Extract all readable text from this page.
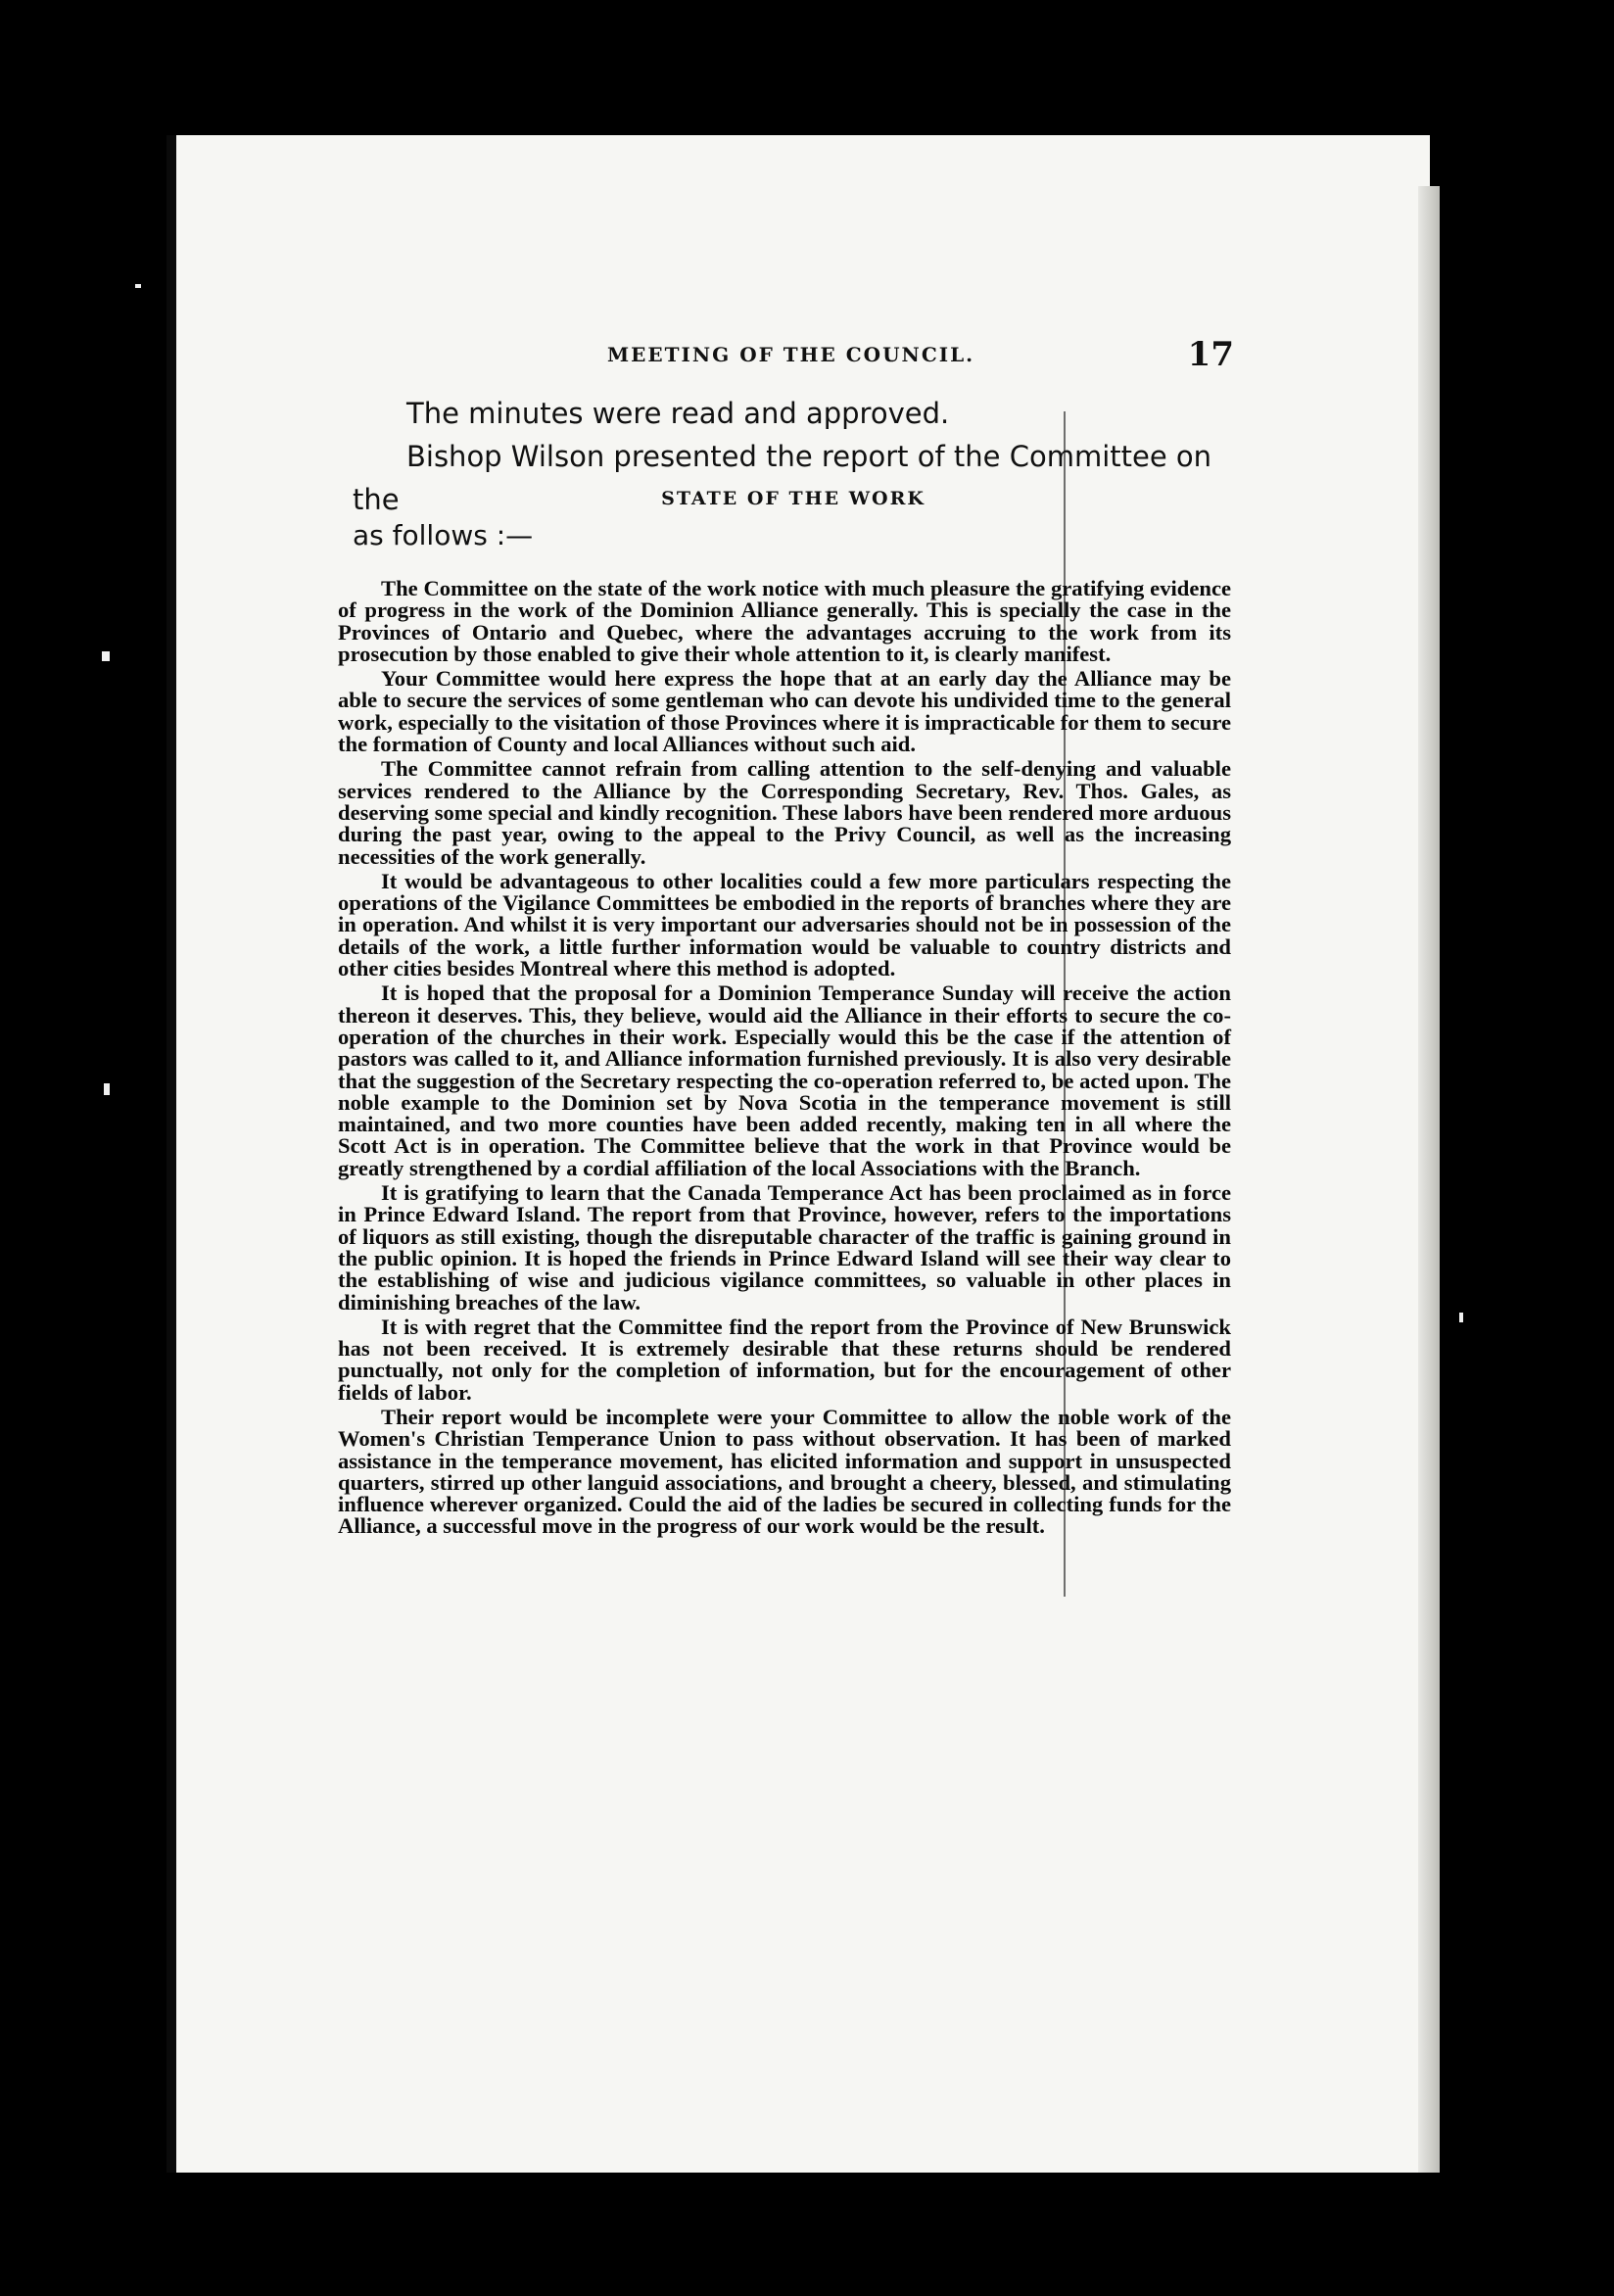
MEETING OF THE COUNCIL.	17

The minutes were read and approved.

Bishop Wilson presented the report of the Committee on the	STATE OF THE WORK
as follows :—

The Committee on the state of the work notice with much pleasure the gratifying evidence of progress in the work of the Dominion Alliance generally. This is specially the case in the Provinces of Ontario and Quebec, where the advantages accruing to the work from its prosecution by those enabled to give their whole attention to it, is clearly manifest.

Your Committee would here express the hope that at an early day the Alliance may be able to secure the services of some gentleman who can devote his undivided time to the general work, especially to the visitation of those Provinces where it is impracticable for them to secure the formation of County and local Alliances without such aid.

The Committee cannot refrain from calling attention to the self-denying and valuable services rendered to the Alliance by the Corresponding Secretary, Rev. Thos. Gales, as deserving some special and kindly recognition. These labors have been rendered more arduous during the past year, owing to the appeal to the Privy Council, as well as the increasing necessities of the work generally.

It would be advantageous to other localities could a few more particulars respecting the operations of the Vigilance Committees be embodied in the reports of branches where they are in operation. And whilst it is very important our adversaries should not be in possession of the details of the work, a little further information would be valuable to country districts and other cities besides Montreal where this method is adopted.

It is hoped that the proposal for a Dominion Temperance Sunday will receive the action thereon it deserves. This, they believe, would aid the Alliance in their efforts to secure the co-operation of the churches in their work. Especially would this be the case if the attention of pastors was called to it, and Alliance information furnished previously. It is also very desirable that the suggestion of the Secretary respecting the co-operation referred to, be acted upon. The noble example to the Dominion set by Nova Scotia in the temperance movement is still maintained, and two more counties have been added recently, making ten in all where the Scott Act is in operation. The Committee believe that the work in that Province would be greatly strengthened by a cordial affiliation of the local Associations with the Branch.

It is gratifying to learn that the Canada Temperance Act has been proclaimed as in force in Prince Edward Island. The report from that Province, however, refers to the importations of liquors as still existing, though the disreputable character of the traffic is gaining ground in the public opinion. It is hoped the friends in Prince Edward Island will see their way clear to the establishing of wise and judicious vigilance committees, so valuable in other places in diminishing breaches of the law.

It is with regret that the Committee find the report from the Province of New Brunswick has not been received. It is extremely desirable that these returns should be rendered punctually, not only for the completion of information, but for the encouragement of other fields of labor.

Their report would be incomplete were your Committee to allow the noble work of the Women's Christian Temperance Union to pass without observation. It has been of marked assistance in the temperance movement, has elicited information and support in unsuspected quarters, stirred up other languid associations, and brought a cheery, blessed, and stimulating influence wherever organized. Could the aid of the ladies be secured in collecting funds for the Alliance, a successful move in the progress of our work would be the result.
